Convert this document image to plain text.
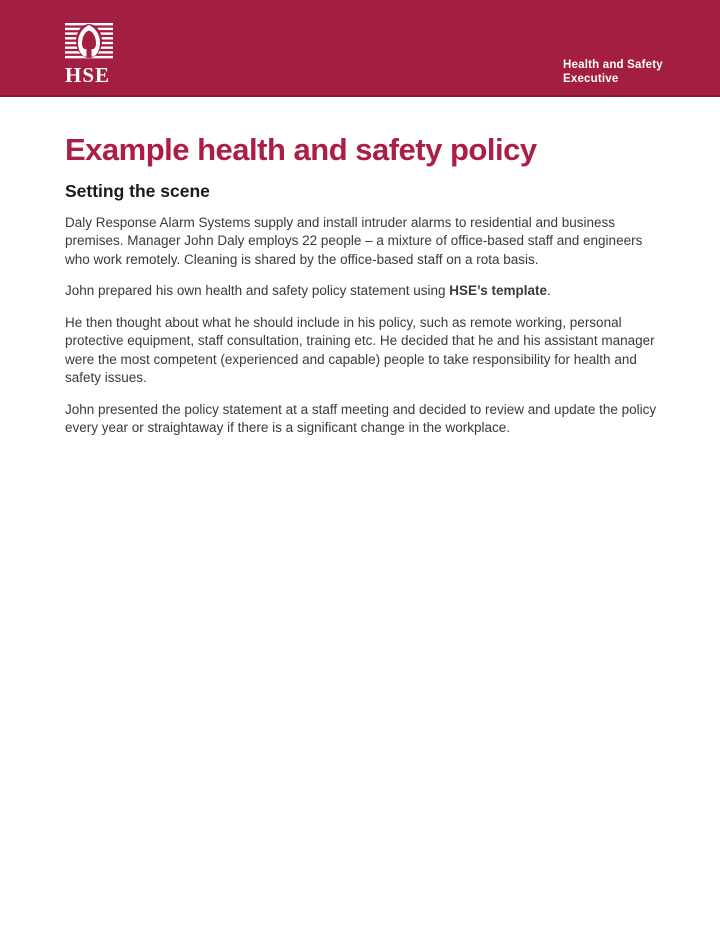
HSE	Health and Safety
Executive
Example health and safety policy
Setting the scene

Daly Response Alarm Systems supply and install intruder alarms to residential and business premises. Manager John Daly employs 22 people – a mixture of office-based staff and engineers who work remotely. Cleaning is shared by the office-based staff on a rota basis.

John prepared his own health and safety policy statement using HSE’s template.

He then thought about what he should include in his policy, such as remote working, personal protective equipment, staff consultation, training etc. He decided that he and his assistant manager were the most competent (experienced and capable) people to take responsibility for health and safety issues.

John presented the policy statement at a staff meeting and decided to review and update the policy every year or straightaway if there is a significant change in the workplace.
